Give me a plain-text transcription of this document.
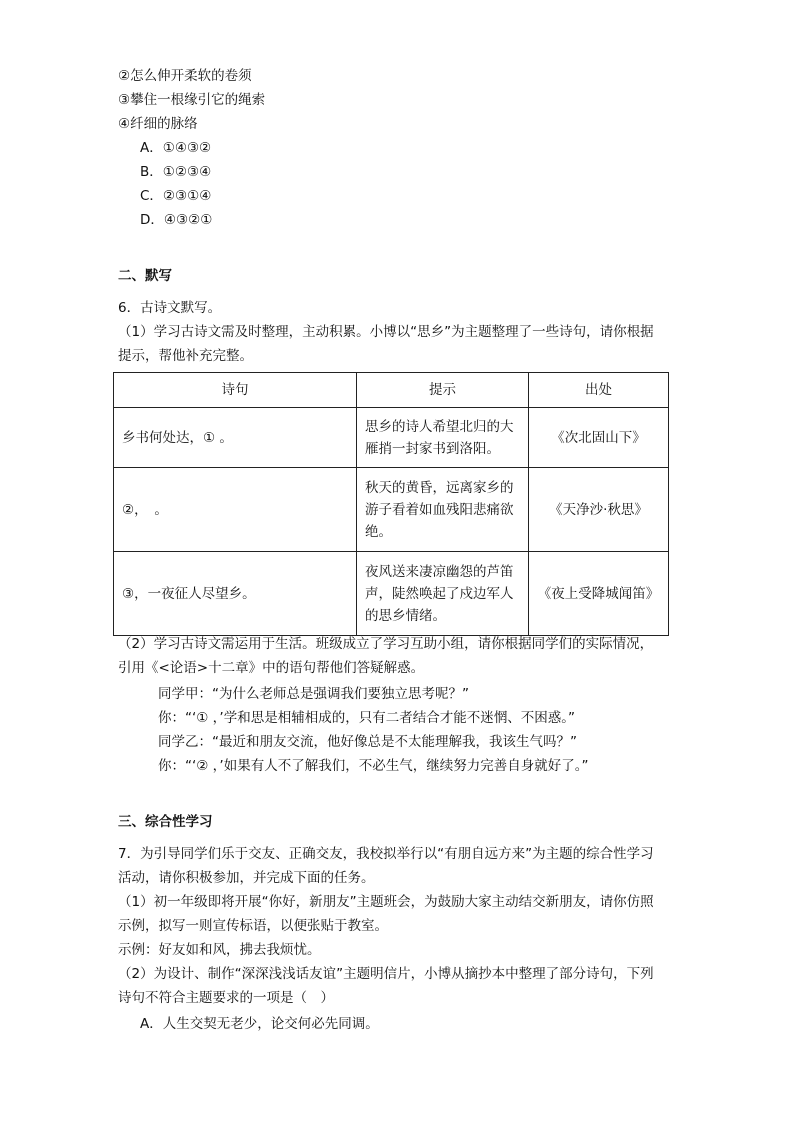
②怎么伸开柔软的卷须
③攀住一根缘引它的绳索
④纤细的脉络
A．①④③②
B．①②③④
C．②③①④
D．④③②①
二、默写
6．古诗文默写。
（1）学习古诗文需及时整理，主动积累。小博以“思乡”为主题整理了一些诗句，请你根据
提示，帮他补充完整。
诗句	提示	出处
乡书何处达，① 。	思乡的诗人希望北归的大雁捎一封家书到洛阳。	《次北固山下》
②，　。	秋天的黄昏，远离家乡的游子看着如血残阳悲痛欲绝。	《天净沙·秋思》
③，一夜征人尽望乡。	夜风送来凄凉幽怨的芦笛声，陡然唤起了戍边军人的思乡情绪。	《夜上受降城闻笛》
（2）学习古诗文需运用于生活。班级成立了学习互助小组，请你根据同学们的实际情况，
引用《<论语>十二章》中的语句帮他们答疑解惑。
同学甲：“为什么老师总是强调我们要独立思考呢？”
你：“‘① ，’学和思是相辅相成的，只有二者结合才能不迷惘、不困惑。”
同学乙：“最近和朋友交流，他好像总是不太能理解我，我该生气吗？”
你：“‘② ，’如果有人不了解我们，不必生气，继续努力完善自身就好了。”
三、综合性学习
7．为引导同学们乐于交友、正确交友，我校拟举行以“有朋自远方来”为主题的综合性学习
活动，请你积极参加，并完成下面的任务。
（1）初一年级即将开展“你好，新朋友”主题班会，为鼓励大家主动结交新朋友，请你仿照
示例，拟写一则宣传标语，以便张贴于教室。
示例：好友如和风，拂去我烦忧。
（2）为设计、制作“深深浅浅话友谊”主题明信片，小博从摘抄本中整理了部分诗句，下列
诗句不符合主题要求的一项是（　）
A．人生交契无老少，论交何必先同调。
